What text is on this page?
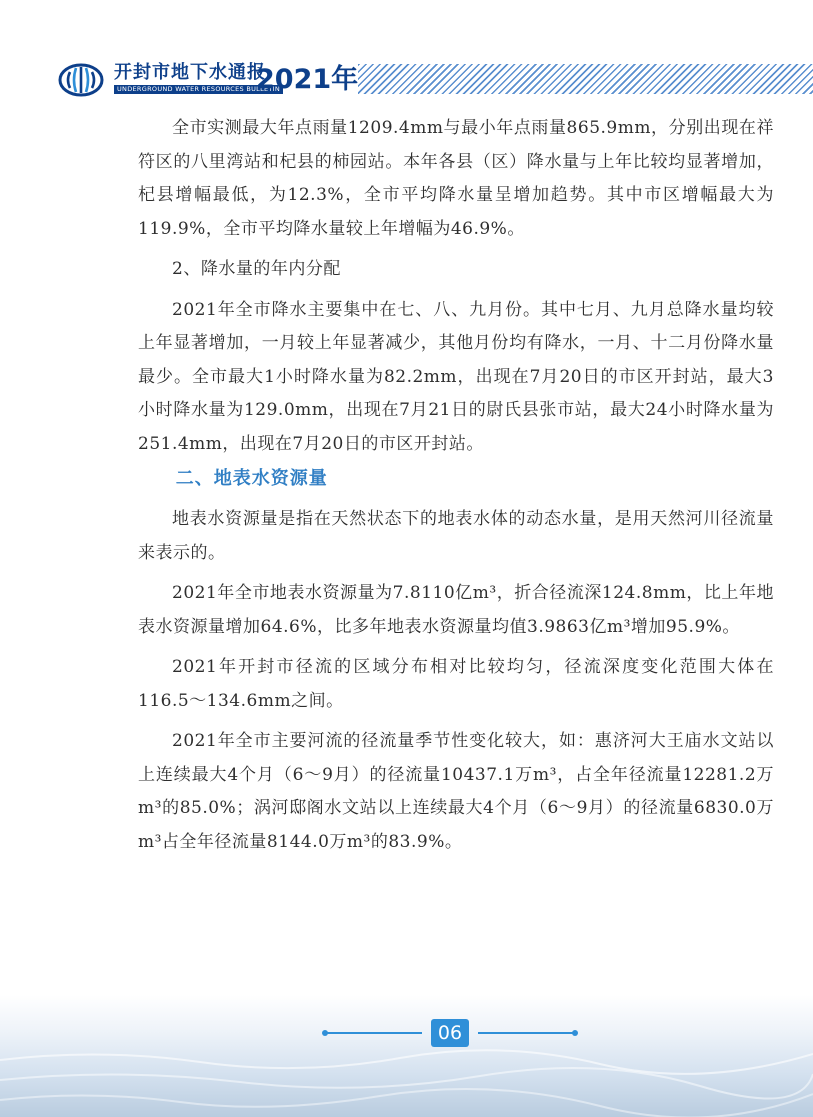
开封市地下水通报
UNDERGROUND WATER RESOURCES BULLETIN
2021年

全市实测最大年点雨量1209.4mm与最小年点雨量865.9mm，分别出现在祥符区的八里湾站和杞县的柿园站。本年各县（区）降水量与上年比较均显著增加，杞县增幅最低，为12.3%，全市平均降水量呈增加趋势。其中市区增幅最大为119.9%，全市平均降水量较上年增幅为46.9%。

2、降水量的年内分配

2021年全市降水主要集中在七、八、九月份。其中七月、九月总降水量均较上年显著增加，一月较上年显著减少，其他月份均有降水，一月、十二月份降水量最少。全市最大1小时降水量为82.2mm，出现在7月20日的市区开封站，最大3小时降水量为129.0mm，出现在7月21日的尉氏县张市站，最大24小时降水量为251.4mm，出现在7月20日的市区开封站。

二、地表水资源量

地表水资源量是指在天然状态下的地表水体的动态水量，是用天然河川径流量来表示的。

2021年全市地表水资源量为7.8110亿m³，折合径流深124.8mm，比上年地表水资源量增加64.6%，比多年地表水资源量均值3.9863亿m³增加95.9%。

2021年开封市径流的区域分布相对比较均匀，径流深度变化范围大体在116.5～134.6mm之间。

2021年全市主要河流的径流量季节性变化较大，如：惠济河大王庙水文站以上连续最大4个月（6～9月）的径流量10437.1万m³，占全年径流量12281.2万m³的85.0%；涡河邸阁水文站以上连续最大4个月（6～9月）的径流量6830.0万m³占全年径流量8144.0万m³的83.9%。

06
